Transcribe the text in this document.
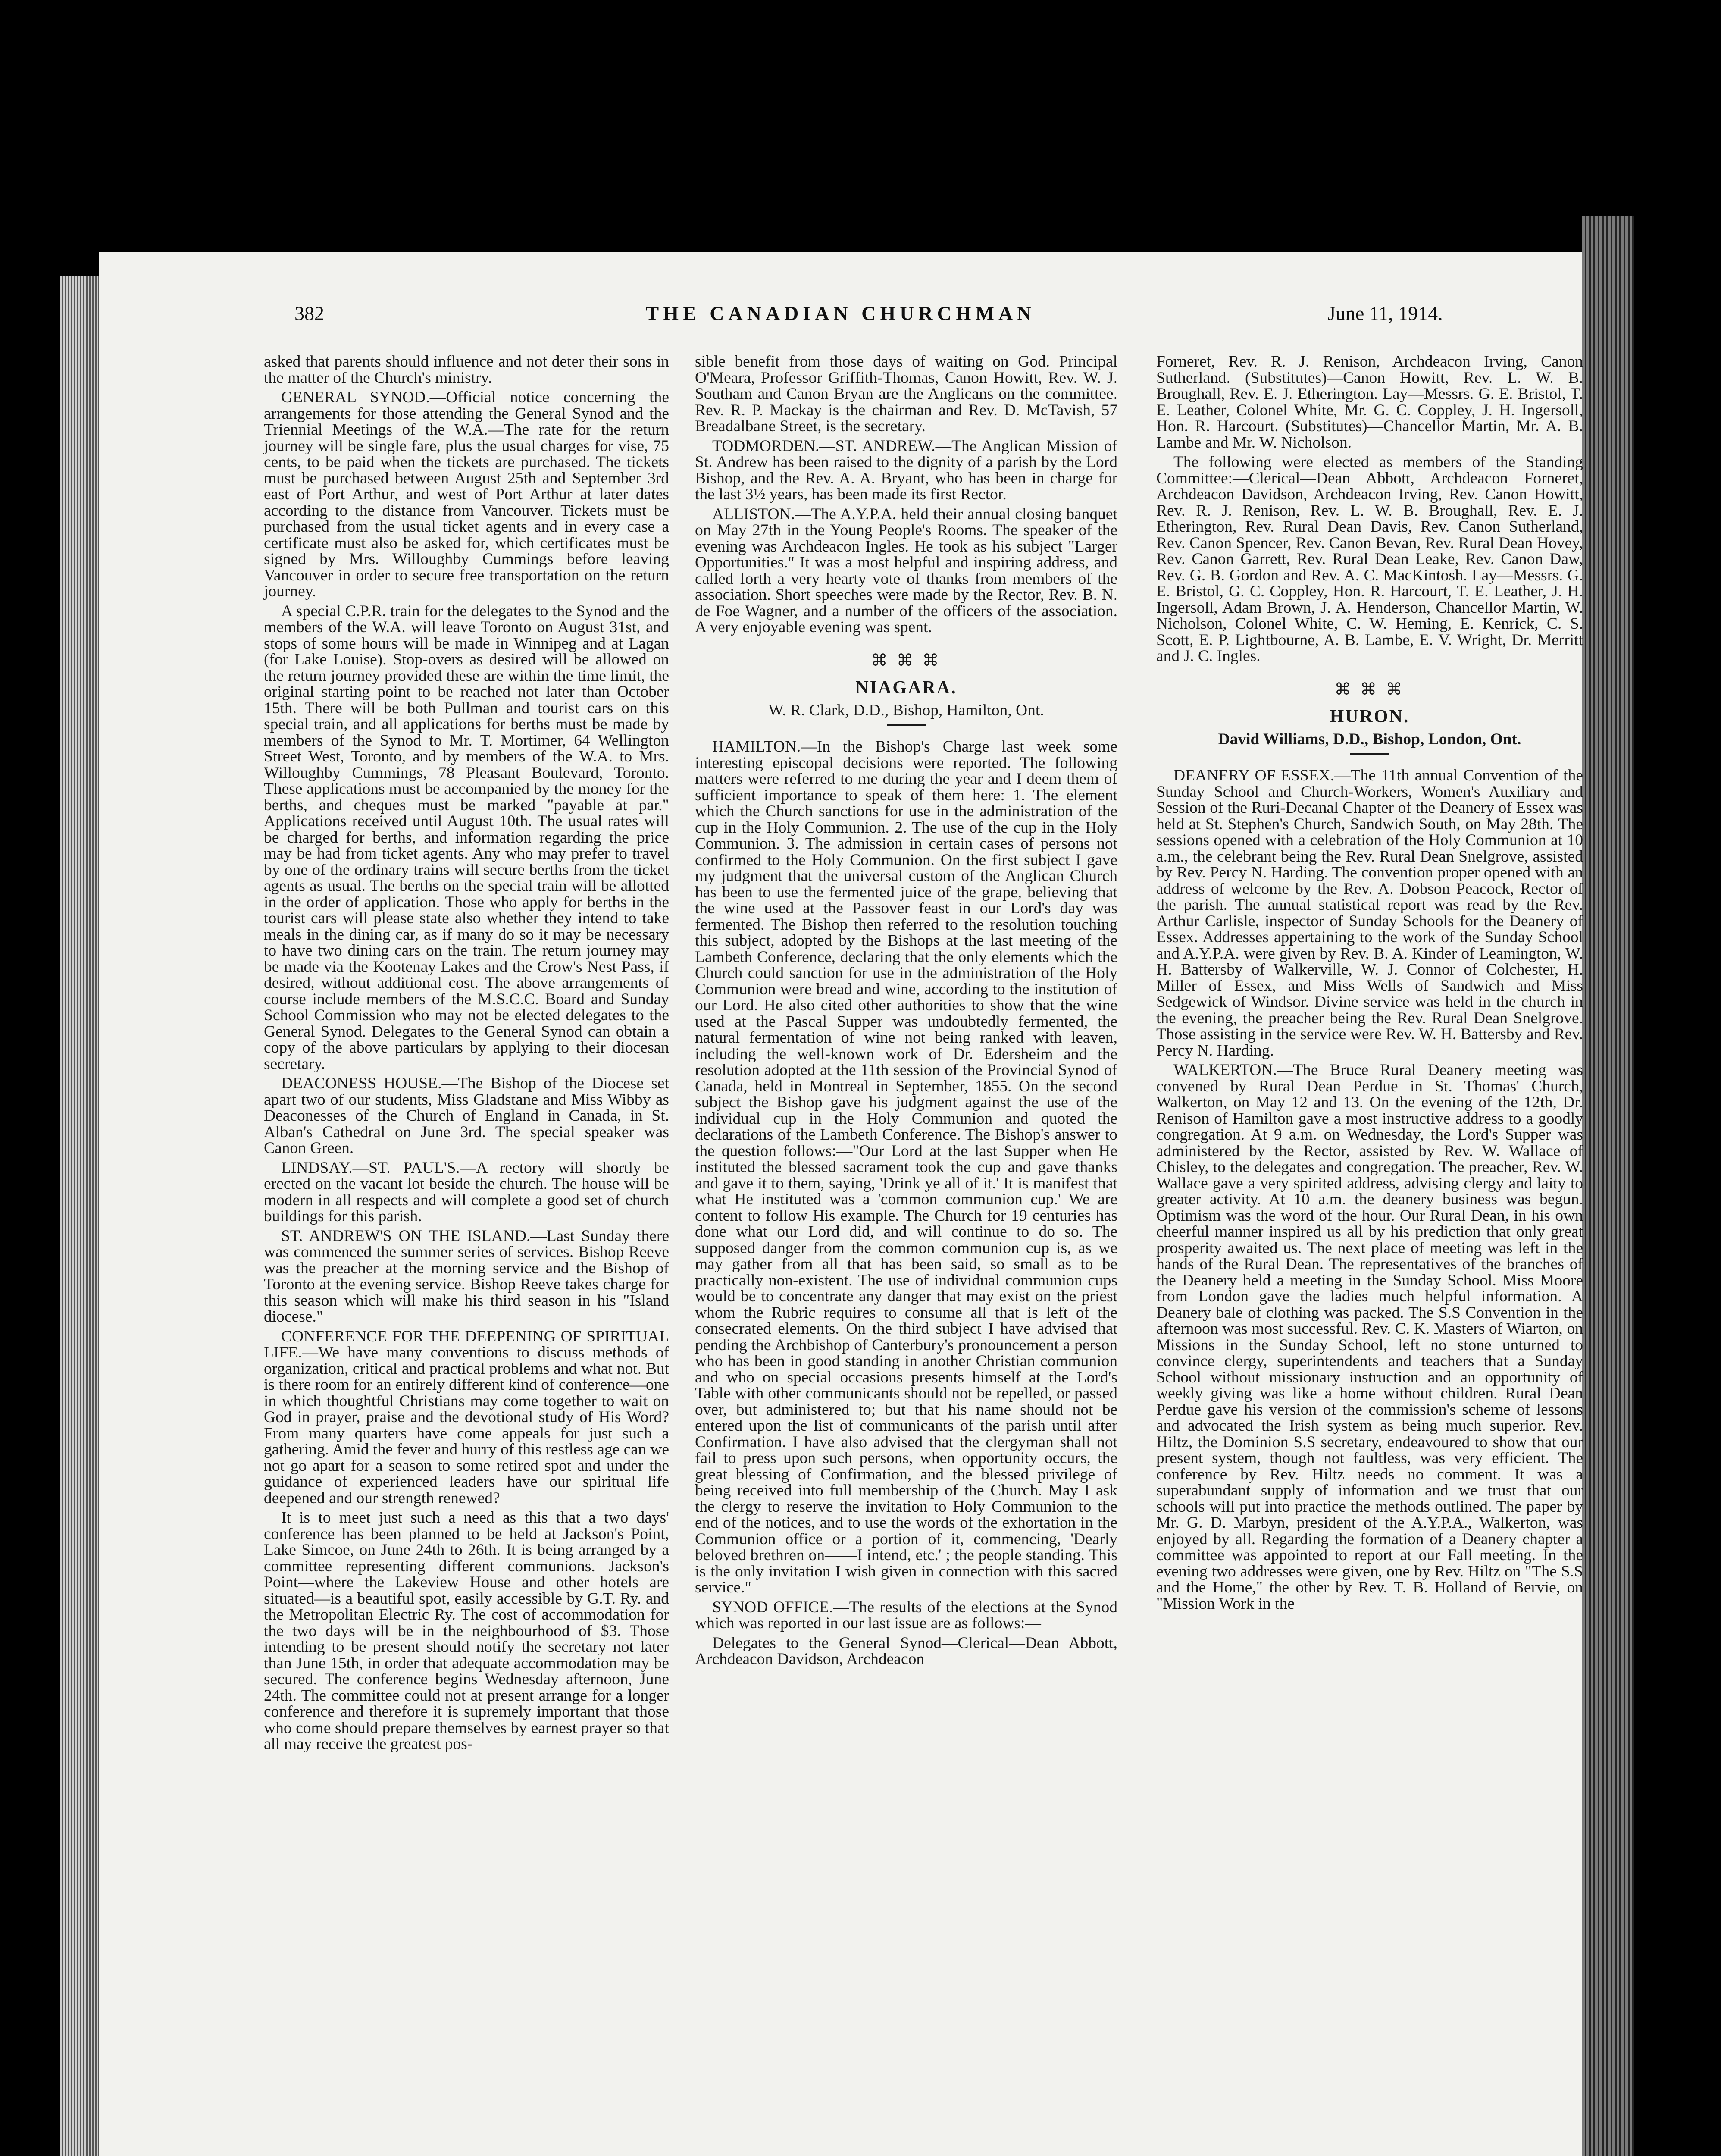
382	THE CANADIAN CHURCHMAN	June 11, 1914.

asked that parents should influence and not deter their sons in the matter of the Church's ministry.

GENERAL SYNOD.—Official notice concerning the arrangements for those attending the General Synod and the Triennial Meetings of the W.A.—The rate for the return journey will be single fare, plus the usual charges for vise, 75 cents, to be paid when the tickets are purchased. The tickets must be purchased between August 25th and September 3rd east of Port Arthur, and west of Port Arthur at later dates according to the distance from Vancouver. Tickets must be purchased from the usual ticket agents and in every case a certificate must also be asked for, which certificates must be signed by Mrs. Willoughby Cummings before leaving Vancouver in order to secure free transportation on the return journey.

A special C.P.R. train for the delegates to the Synod and the members of the W.A. will leave Toronto on August 31st, and stops of some hours will be made in Winnipeg and at Lagan (for Lake Louise). Stop-overs as desired will be allowed on the return journey provided these are within the time limit, the original starting point to be reached not later than October 15th. There will be both Pullman and tourist cars on this special train, and all applications for berths must be made by members of the Synod to Mr. T. Mortimer, 64 Wellington Street West, Toronto, and by members of the W.A. to Mrs. Willoughby Cummings, 78 Pleasant Boulevard, Toronto. These applications must be accompanied by the money for the berths, and cheques must be marked "payable at par." Applications received until August 10th. The usual rates will be charged for berths, and information regarding the price may be had from ticket agents. Any who may prefer to travel by one of the ordinary trains will secure berths from the ticket agents as usual. The berths on the special train will be allotted in the order of application. Those who apply for berths in the tourist cars will please state also whether they intend to take meals in the dining car, as if many do so it may be necessary to have two dining cars on the train. The return journey may be made via the Kootenay Lakes and the Crow's Nest Pass, if desired, without additional cost. The above arrangements of course include members of the M.S.C.C. Board and Sunday School Commission who may not be elected delegates to the General Synod. Delegates to the General Synod can obtain a copy of the above particulars by applying to their diocesan secretary.

DEACONESS HOUSE.—The Bishop of the Diocese set apart two of our students, Miss Gladstane and Miss Wibby as Deaconesses of the Church of England in Canada, in St. Alban's Cathedral on June 3rd. The special speaker was Canon Green.

LINDSAY.—ST. PAUL'S.—A rectory will shortly be erected on the vacant lot beside the church. The house will be modern in all respects and will complete a good set of church buildings for this parish.

ST. ANDREW'S ON THE ISLAND.—Last Sunday there was commenced the summer series of services. Bishop Reeve was the preacher at the morning service and the Bishop of Toronto at the evening service. Bishop Reeve takes charge for this season which will make his third season in his "Island diocese."

CONFERENCE FOR THE DEEPENING OF SPIRITUAL LIFE.—We have many conventions to discuss methods of organization, critical and practical problems and what not. But is there room for an entirely different kind of conference—one in which thoughtful Christians may come together to wait on God in prayer, praise and the devotional study of His Word? From many quarters have come appeals for just such a gathering. Amid the fever and hurry of this restless age can we not go apart for a season to some retired spot and under the guidance of experienced leaders have our spiritual life deepened and our strength renewed?

It is to meet just such a need as this that a two days' conference has been planned to be held at Jackson's Point, Lake Simcoe, on June 24th to 26th. It is being arranged by a committee representing different communions. Jackson's Point—where the Lakeview House and other hotels are situated—is a beautiful spot, easily accessible by G.T. Ry. and the Metropolitan Electric Ry. The cost of accommodation for the two days will be in the neighbourhood of $3. Those intending to be present should notify the secretary not later than June 15th, in order that adequate accommodation may be secured. The conference begins Wednesday afternoon, June 24th. The committee could not at present arrange for a longer conference and therefore it is supremely important that those who come should prepare themselves by earnest prayer so that all may receive the greatest pos-

sible benefit from those days of waiting on God. Principal O'Meara, Professor Griffith-Thomas, Canon Howitt, Rev. W. J. Southam and Canon Bryan are the Anglicans on the committee. Rev. R. P. Mackay is the chairman and Rev. D. McTavish, 57 Breadalbane Street, is the secretary.

TODMORDEN.—ST. ANDREW.—The Anglican Mission of St. Andrew has been raised to the dignity of a parish by the Lord Bishop, and the Rev. A. A. Bryant, who has been in charge for the last 3½ years, has been made its first Rector.

ALLISTON.—The A.Y.P.A. held their annual closing banquet on May 27th in the Young People's Rooms. The speaker of the evening was Archdeacon Ingles. He took as his subject "Larger Opportunities." It was a most helpful and inspiring address, and called forth a very hearty vote of thanks from members of the association. Short speeches were made by the Rector, Rev. B. N. de Foe Wagner, and a number of the officers of the association. A very enjoyable evening was spent.

⌘ ⌘ ⌘
NIAGARA.
W. R. Clark, D.D., Bishop, Hamilton, Ont.

HAMILTON.—In the Bishop's Charge last week some interesting episcopal decisions were reported. The following matters were referred to me during the year and I deem them of sufficient importance to speak of them here: 1. The element which the Church sanctions for use in the administration of the cup in the Holy Communion. 2. The use of the cup in the Holy Communion. 3. The admission in certain cases of persons not confirmed to the Holy Communion. On the first subject I gave my judgment that the universal custom of the Anglican Church has been to use the fermented juice of the grape, believing that the wine used at the Passover feast in our Lord's day was fermented. The Bishop then referred to the resolution touching this subject, adopted by the Bishops at the last meeting of the Lambeth Conference, declaring that the only elements which the Church could sanction for use in the administration of the Holy Communion were bread and wine, according to the institution of our Lord. He also cited other authorities to show that the wine used at the Pascal Supper was undoubtedly fermented, the natural fermentation of wine not being ranked with leaven, including the well-known work of Dr. Edersheim and the resolution adopted at the 11th session of the Provincial Synod of Canada, held in Montreal in September, 1855. On the second subject the Bishop gave his judgment against the use of the individual cup in the Holy Communion and quoted the declarations of the Lambeth Conference. The Bishop's answer to the question follows:—"Our Lord at the last Supper when He instituted the blessed sacrament took the cup and gave thanks and gave it to them, saying, 'Drink ye all of it.' It is manifest that what He instituted was a 'common communion cup.' We are content to follow His example. The Church for 19 centuries has done what our Lord did, and will continue to do so. The supposed danger from the common communion cup is, as we may gather from all that has been said, so small as to be practically non-existent. The use of individual communion cups would be to concentrate any danger that may exist on the priest whom the Rubric requires to consume all that is left of the consecrated elements. On the third subject I have advised that pending the Archbishop of Canterbury's pronouncement a person who has been in good standing in another Christian communion and who on special occasions presents himself at the Lord's Table with other communicants should not be repelled, or passed over, but administered to; but that his name should not be entered upon the list of communicants of the parish until after Confirmation. I have also advised that the clergyman shall not fail to press upon such persons, when opportunity occurs, the great blessing of Confirmation, and the blessed privilege of being received into full membership of the Church. May I ask the clergy to reserve the invitation to Holy Communion to the end of the notices, and to use the words of the exhortation in the Communion office or a portion of it, commencing, 'Dearly beloved brethren on——I intend, etc.' ; the people standing. This is the only invitation I wish given in connection with this sacred service."

SYNOD OFFICE.—The results of the elections at the Synod which was reported in our last issue are as follows:—

Delegates to the General Synod—Clerical—Dean Abbott, Archdeacon Davidson, Archdeacon

Forneret, Rev. R. J. Renison, Archdeacon Irving, Canon Sutherland. (Substitutes)—Canon Howitt, Rev. L. W. B. Broughall, Rev. E. J. Etherington. Lay—Messrs. G. E. Bristol, T. E. Leather, Colonel White, Mr. G. C. Coppley, J. H. Ingersoll, Hon. R. Harcourt. (Substitutes)—Chancellor Martin, Mr. A. B. Lambe and Mr. W. Nicholson.

The following were elected as members of the Standing Committee:—Clerical—Dean Abbott, Archdeacon Forneret, Archdeacon Davidson, Archdeacon Irving, Rev. Canon Howitt, Rev. R. J. Renison, Rev. L. W. B. Broughall, Rev. E. J. Etherington, Rev. Rural Dean Davis, Rev. Canon Sutherland, Rev. Canon Spencer, Rev. Canon Bevan, Rev. Rural Dean Hovey, Rev. Canon Garrett, Rev. Rural Dean Leake, Rev. Canon Daw, Rev. G. B. Gordon and Rev. A. C. MacKintosh. Lay—Messrs. G. E. Bristol, G. C. Coppley, Hon. R. Harcourt, T. E. Leather, J. H. Ingersoll, Adam Brown, J. A. Henderson, Chancellor Martin, W. Nicholson, Colonel White, C. W. Heming, E. Kenrick, C. S. Scott, E. P. Lightbourne, A. B. Lambe, E. V. Wright, Dr. Merritt and J. C. Ingles.

⌘ ⌘ ⌘
HURON.
David Williams, D.D., Bishop, London, Ont.

DEANERY OF ESSEX.—The 11th annual Convention of the Sunday School and Church-Workers, Women's Auxiliary and Session of the Ruri-Decanal Chapter of the Deanery of Essex was held at St. Stephen's Church, Sandwich South, on May 28th. The sessions opened with a celebration of the Holy Communion at 10 a.m., the celebrant being the Rev. Rural Dean Snelgrove, assisted by Rev. Percy N. Harding. The convention proper opened with an address of welcome by the Rev. A. Dobson Peacock, Rector of the parish. The annual statistical report was read by the Rev. Arthur Carlisle, inspector of Sunday Schools for the Deanery of Essex. Addresses appertaining to the work of the Sunday School and A.Y.P.A. were given by Rev. B. A. Kinder of Leamington, W. H. Battersby of Walkerville, W. J. Connor of Colchester, H. Miller of Essex, and Miss Wells of Sandwich and Miss Sedgewick of Windsor. Divine service was held in the church in the evening, the preacher being the Rev. Rural Dean Snelgrove. Those assisting in the service were Rev. W. H. Battersby and Rev. Percy N. Harding.

WALKERTON.—The Bruce Rural Deanery meeting was convened by Rural Dean Perdue in St. Thomas' Church, Walkerton, on May 12 and 13. On the evening of the 12th, Dr. Renison of Hamilton gave a most instructive address to a goodly congregation. At 9 a.m. on Wednesday, the Lord's Supper was administered by the Rector, assisted by Rev. W. Wallace of Chisley, to the delegates and congregation. The preacher, Rev. W. Wallace gave a very spirited address, advising clergy and laity to greater activity. At 10 a.m. the deanery business was begun. Optimism was the word of the hour. Our Rural Dean, in his own cheerful manner inspired us all by his prediction that only great prosperity awaited us. The next place of meeting was left in the hands of the Rural Dean. The representatives of the branches of the Deanery held a meeting in the Sunday School. Miss Moore from London gave the ladies much helpful information. A Deanery bale of clothing was packed. The S.S Convention in the afternoon was most successful. Rev. C. K. Masters of Wiarton, on Missions in the Sunday School, left no stone unturned to convince clergy, superintendents and teachers that a Sunday School without missionary instruction and an opportunity of weekly giving was like a home without children. Rural Dean Perdue gave his version of the commission's scheme of lessons and advocated the Irish system as being much superior. Rev. Hiltz, the Dominion S.S secretary, endeavoured to show that our present system, though not faultless, was very efficient. The conference by Rev. Hiltz needs no comment. It was a superabundant supply of information and we trust that our schools will put into practice the methods outlined. The paper by Mr. G. D. Marbyn, president of the A.Y.P.A., Walkerton, was enjoyed by all. Regarding the formation of a Deanery chapter a committee was appointed to report at our Fall meeting. In the evening two addresses were given, one by Rev. Hiltz on "The S.S and the Home," the other by Rev. T. B. Holland of Bervie, on "Mission Work in the
